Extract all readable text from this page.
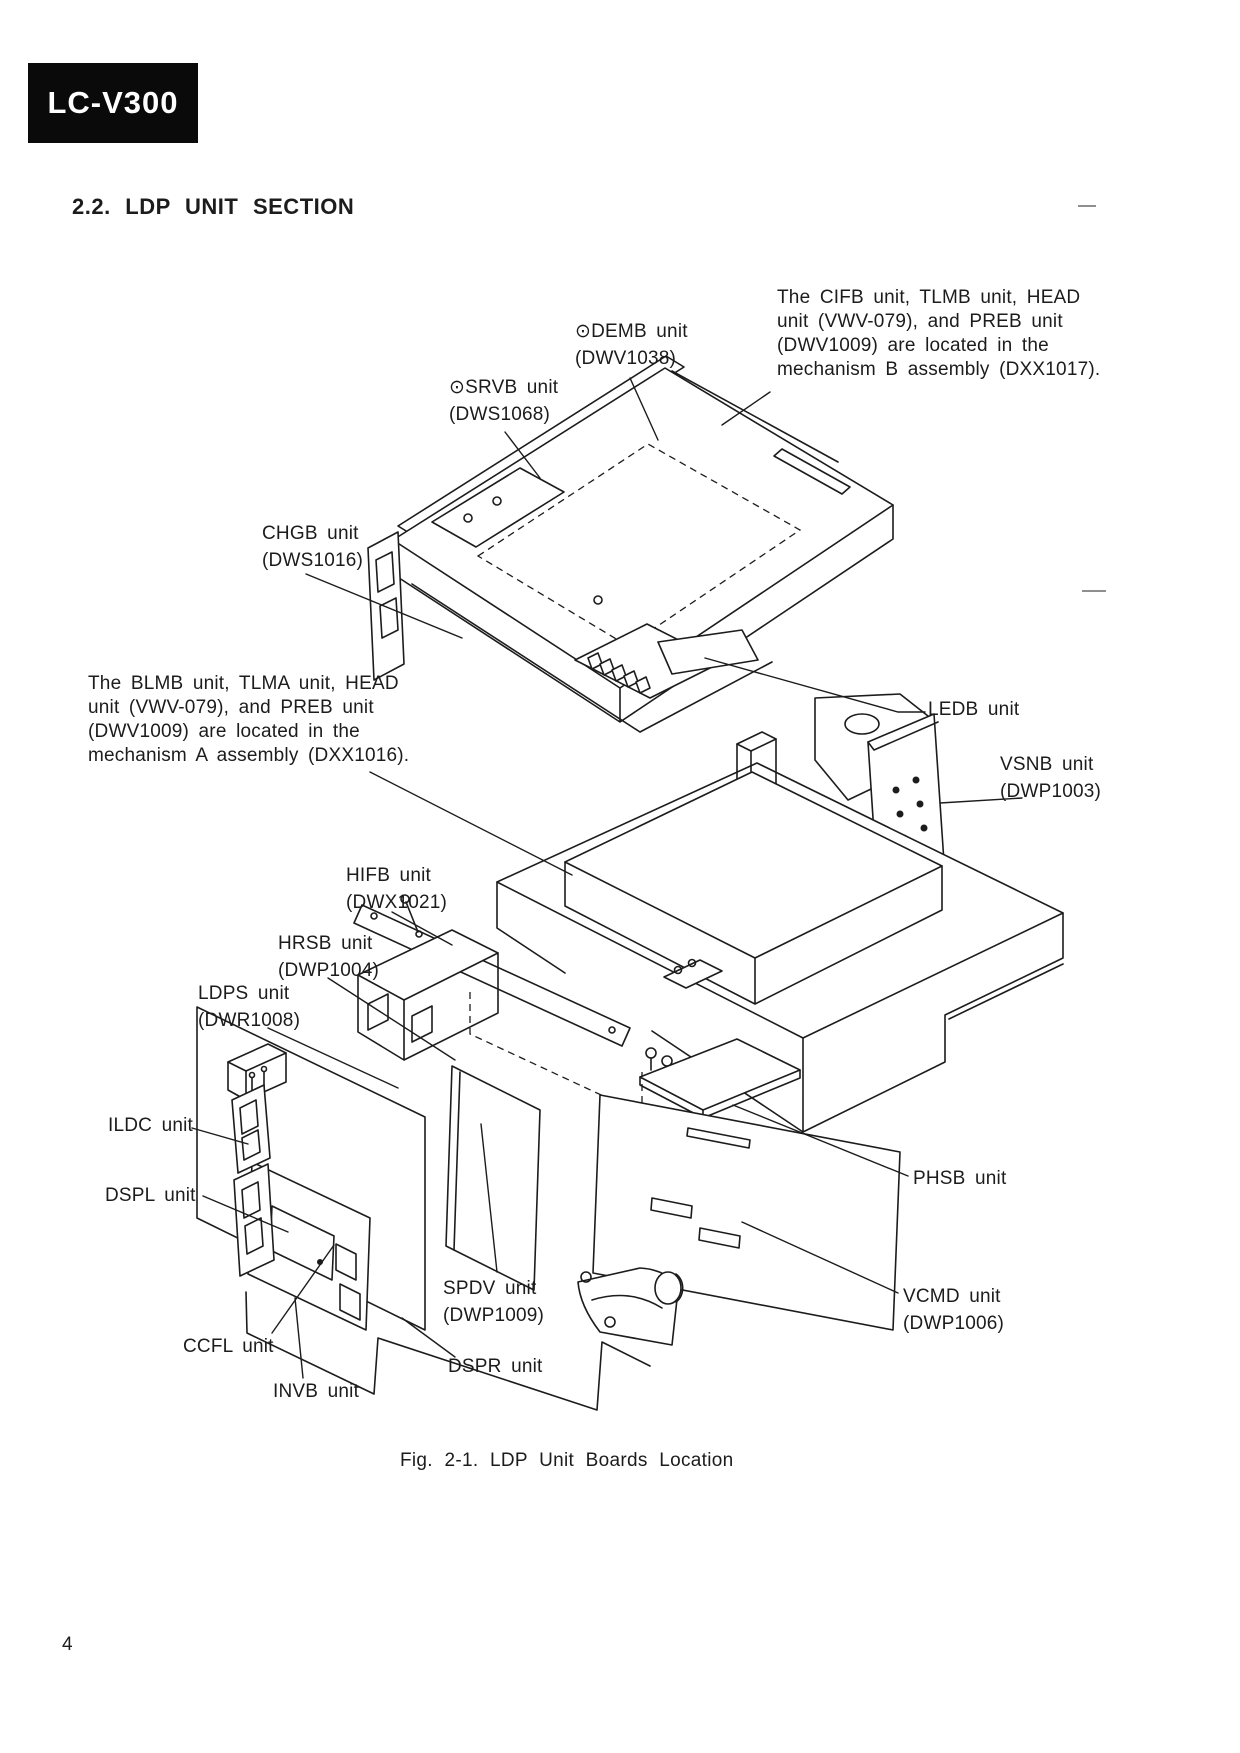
LC-V300
2.2. LDP UNIT SECTION
The CIFB unit, TLMB unit, HEAD
unit (VWV-079), and PREB unit
(DWV1009) are located in the
mechanism B assembly (DXX1017).
The BLMB unit, TLMA unit, HEAD
unit (VWV-079), and PREB unit
(DWV1009) are located in the
mechanism A assembly (DXX1016).
⊙DEMB unit
(DWV1038)
⊙SRVB unit
(DWS1068)
CHGB unit
(DWS1016)
LEDB unit
VSNB unit
(DWP1003)
HIFB unit
(DWX1021)
HRSB unit
(DWP1004)
LDPS unit
(DWR1008)
ILDC unit
DSPL unit
PHSB unit
SPDV unit
(DWP1009)
VCMD unit
(DWP1006)
CCFL unit
DSPR unit
INVB unit
Fig. 2-1. LDP Unit Boards Location
4
